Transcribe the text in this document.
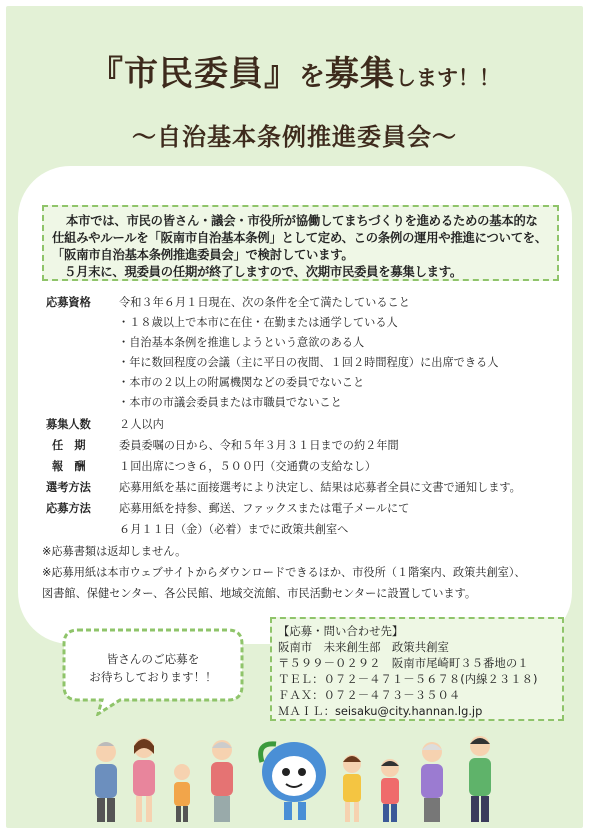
『市民委員』を募集します！！
～自治基本条例推進委員会～

本市では、市民の皆さん・議会・市役所が協働してまちづくりを進めるための基本的な仕組みやルールを「阪南市自治基本条例」として定め、この条例の運用や推進についてを、「阪南市自治基本条例推進委員会」で検討しています。

５月末に、現委員の任期が終了しますので、次期市民委員を募集します。

応募資格	令和３年６月１日現在、次の条件を全て満たしていること
・１８歳以上で本市に在住・在勤または通学している人
・自治基本条例を推進しようという意欲のある人
・年に数回程度の会議（主に平日の夜間、１回２時間程度）に出席できる人
・本市の２以上の附属機関などの委員でないこと
・本市の市議会委員または市職員でないこと
募集人数	２人以内
任　期	委員委嘱の日から、令和５年３月３１日までの約２年間
報　酬	１回出席につき６，５００円（交通費の支給なし）
選考方法	応募用紙を基に面接選考により決定し、結果は応募者全員に文書で通知します。
応募方法	応募用紙を持参、郵送、ファックスまたは電子メールにて
６月１１日（金）（必着）までに政策共創室へ
※応募書類は返却しません。
※応募用紙は本市ウェブサイトからダウンロードできるほか、市役所（１階案内、政策共創室）、
図書館、保健センター、各公民館、地域交流館、市民活動センターに設置しています。
皆さんのご応募を
お待ちしております！！
【応募・問い合わせ先】
阪南市　未来創生部　政策共創室
〒５９９－０２９２　阪南市尾崎町３５番地の１
ＴＥＬ：０７２－４７１－５６７８(内線２３１８)
ＦＡＸ：０７２－４７３－３５０４
ＭＡＩＬ：seisaku@city.hannan.lg.jp
